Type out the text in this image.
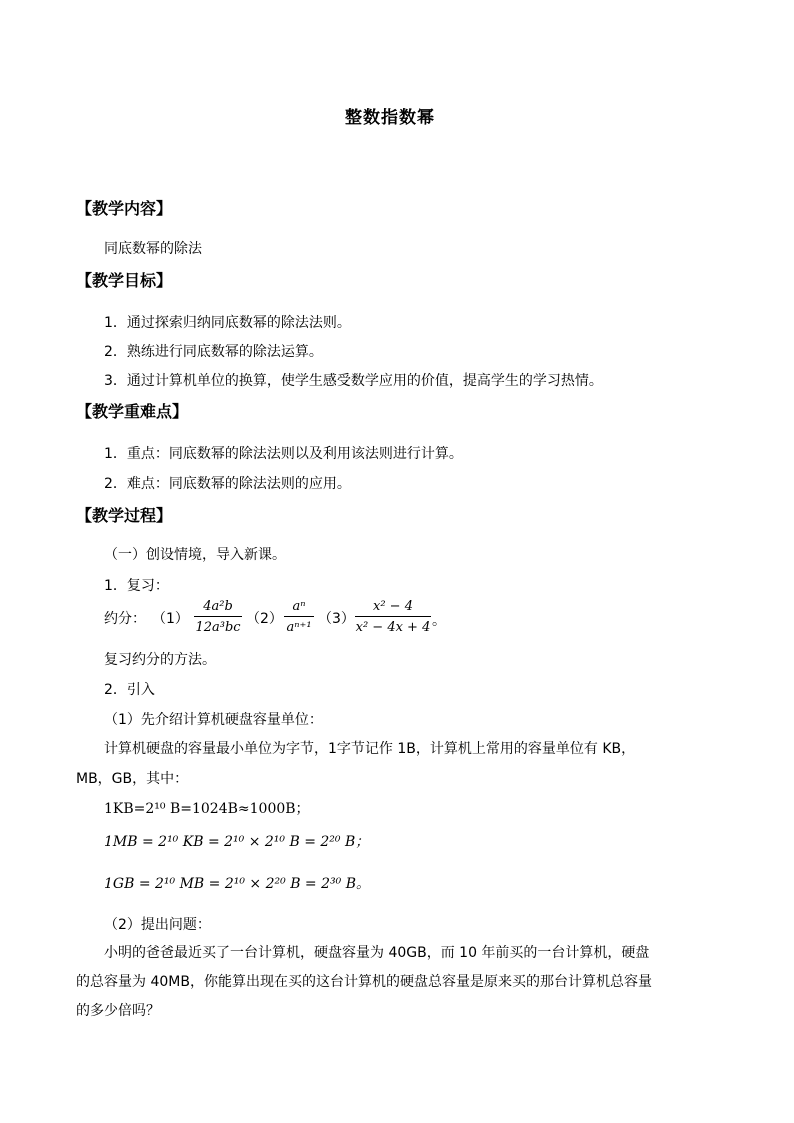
整数指数幂
【教学内容】
同底数幂的除法
【教学目标】
1．通过探索归纳同底数幂的除法法则。
2．熟练进行同底数幂的除法运算。
3．通过计算机单位的换算，使学生感受数学应用的价值，提高学生的学习热情。
【教学重难点】
1．重点：同底数幂的除法法则以及利用该法则进行计算。
2．难点：同底数幂的除法法则的应用。
【教学过程】
（一）创设情境，导入新课。
1．复习：
约分： （1）
4a²b
12a³bc
（2）
aⁿ
aⁿ⁺¹
（3）
x² − 4
x² − 4x + 4 。
复习约分的方法。
2．引入
（1）先介绍计算机硬盘容量单位：
计算机硬盘的容量最小单位为字节，1字节记作 1B，计算机上常用的容量单位有 KB，
MB，GB，其中：
1KB=2¹⁰ B=1024B≈1000B；
1MB = 2¹⁰ KB = 2¹⁰ × 2¹⁰ B = 2²⁰ B；
1GB = 2¹⁰ MB = 2¹⁰ × 2²⁰ B = 2³⁰ B。
（2）提出问题：
小明的爸爸最近买了一台计算机，硬盘容量为 40GB，而 10 年前买的一台计算机，硬盘
的总容量为 40MB，你能算出现在买的这台计算机的硬盘总容量是原来买的那台计算机总容量
的多少倍吗？
